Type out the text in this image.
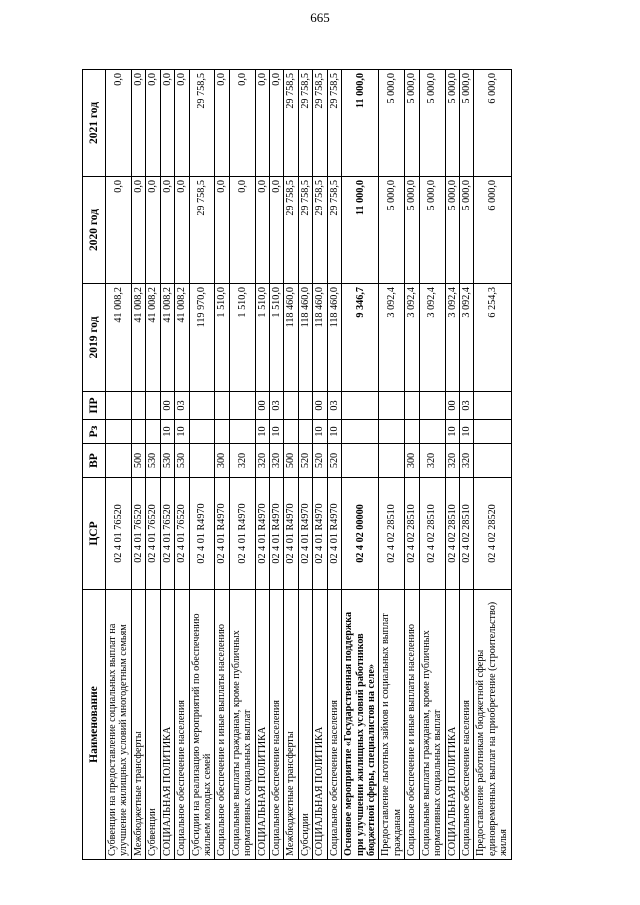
665
Наименование	ЦСР	ВР	Рз	ПР	2019 год	2020 год	2021 год
Субвенции на предоставление социальных выплат на улучшение жилищных условий многодетным семьям	02 4 01 76520				41 008,2	0,0	0,0
Межбюджетные трансферты	02 4 01 76520	500			41 008,2	0,0	0,0
Субвенции	02 4 01 76520	530			41 008,2	0,0	0,0
СОЦИАЛЬНАЯ ПОЛИТИКА	02 4 01 76520	530	10	00	41 008,2	0,0	0,0
Социальное обеспечение населения	02 4 01 76520	530	10	03	41 008,2	0,0	0,0
Субсидии на реализацию мероприятий по обеспечению жильем молодых семей	02 4 01 R4970				119 970,0	29 758,5	29 758,5
Социальное обеспечение и иные выплаты населению	02 4 01 R4970	300			1 510,0	0,0	0,0
Социальные выплаты гражданам, кроме публичных нормативных социальных выплат	02 4 01 R4970	320			1 510,0	0,0	0,0
СОЦИАЛЬНАЯ ПОЛИТИКА	02 4 01 R4970	320	10	00	1 510,0	0,0	0,0
Социальное обеспечение населения	02 4 01 R4970	320	10	03	1 510,0	0,0	0,0
Межбюджетные трансферты	02 4 01 R4970	500			118 460,0	29 758,5	29 758,5
Субсидии	02 4 01 R4970	520			118 460,0	29 758,5	29 758,5
СОЦИАЛЬНАЯ ПОЛИТИКА	02 4 01 R4970	520	10	00	118 460,0	29 758,5	29 758,5
Социальное обеспечение населения	02 4 01 R4970	520	10	03	118 460,0	29 758,5	29 758,5
Основное мероприятие «Государственная поддержка при улучшении жилищных условий работников бюджетной сферы, специалистов на селе»	02 4 02 00000				9 346,7	11 000,0	11 000,0
Предоставление льготных займов и социальных выплат гражданам	02 4 02 28510				3 092,4	5 000,0	5 000,0
Социальное обеспечение и иные выплаты населению	02 4 02 28510	300			3 092,4	5 000,0	5 000,0
Социальные выплаты гражданам, кроме публичных нормативных социальных выплат	02 4 02 28510	320			3 092,4	5 000,0	5 000,0
СОЦИАЛЬНАЯ ПОЛИТИКА	02 4 02 28510	320	10	00	3 092,4	5 000,0	5 000,0
Социальное обеспечение населения	02 4 02 28510	320	10	03	3 092,4	5 000,0	5 000,0
Предоставление работникам бюджетной сферы единовременных выплат на приобретение (строительство) жилья	02 4 02 28520				6 254,3	6 000,0	6 000,0
